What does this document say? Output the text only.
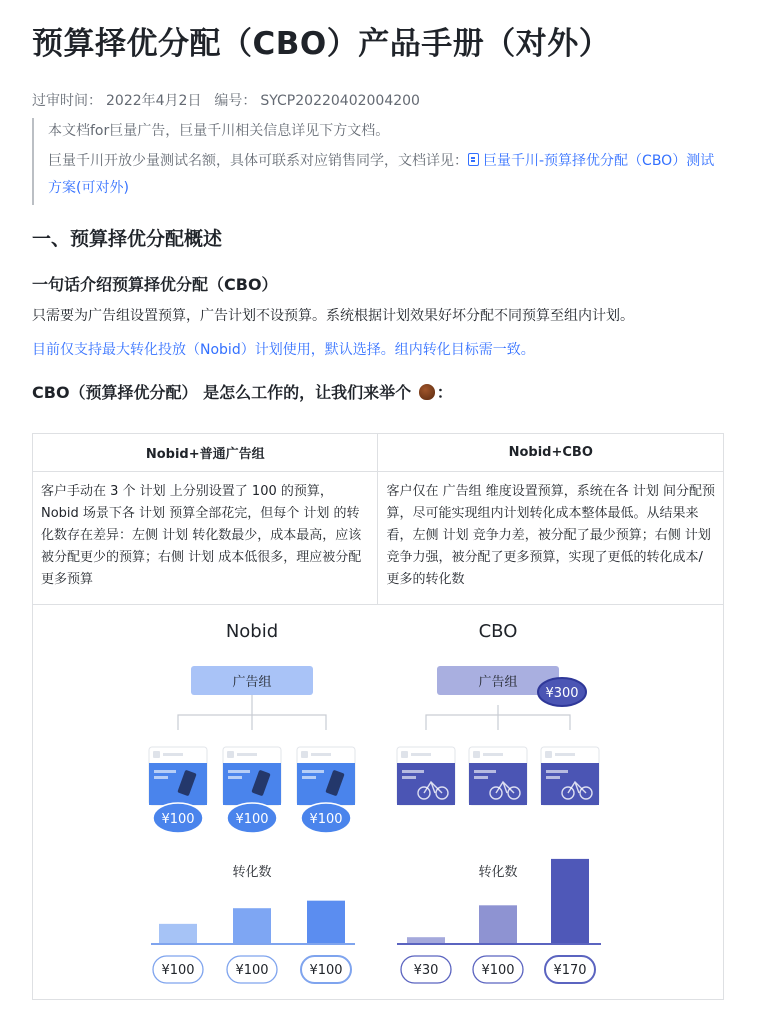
预算择优分配（CBO）产品手册（对外）
过审时间： 2022年4月2日 编号： SYCP20220402004200

本文档for巨量广告，巨量千川相关信息详见下方文档。

巨量千川开放少量测试名额，具体可联系对应销售同学，文档详见： 巨量千川-预算择优分配（CBO）测试方案(可对外)

一、预算择优分配概述
一句话介绍预算择优分配（CBO）
只需要为广告组设置预算，广告计划不设预算。系统根据计划效果好坏分配不同预算至组内计划。
目前仅支持最大转化投放（Nobid）计划使用，默认选择。组内转化目标需一致。
CBO（预算择优分配） 是怎么工作的，让我们来举个 ：
Nobid+普通广告组	Nobid+CBO
客户手动在 3 个 计划 上分别设置了 100 的预算，Nobid 场景下各 计划 预算全部花完，但每个 计划 的转化数存在差异：左侧 计划 转化数最少，成本最高，应该被分配更少的预算；右侧 计划 成本低很多，理应被分配更多预算	客户仅在 广告组 维度设置预算，系统在各 计划 间分配预算，尽可能实现组内计划转化成本整体最低。从结果来看，左侧 计划 竞争力差，被分配了最少预算；右侧 计划 竞争力强，被分配了更多预算，实现了更低的转化成本/更多的转化数

Nobid
广告组
¥100	¥100	¥100
转化数
¥100	¥100	¥100
CBO
广告组
¥300
转化数
¥30	¥100	¥170
